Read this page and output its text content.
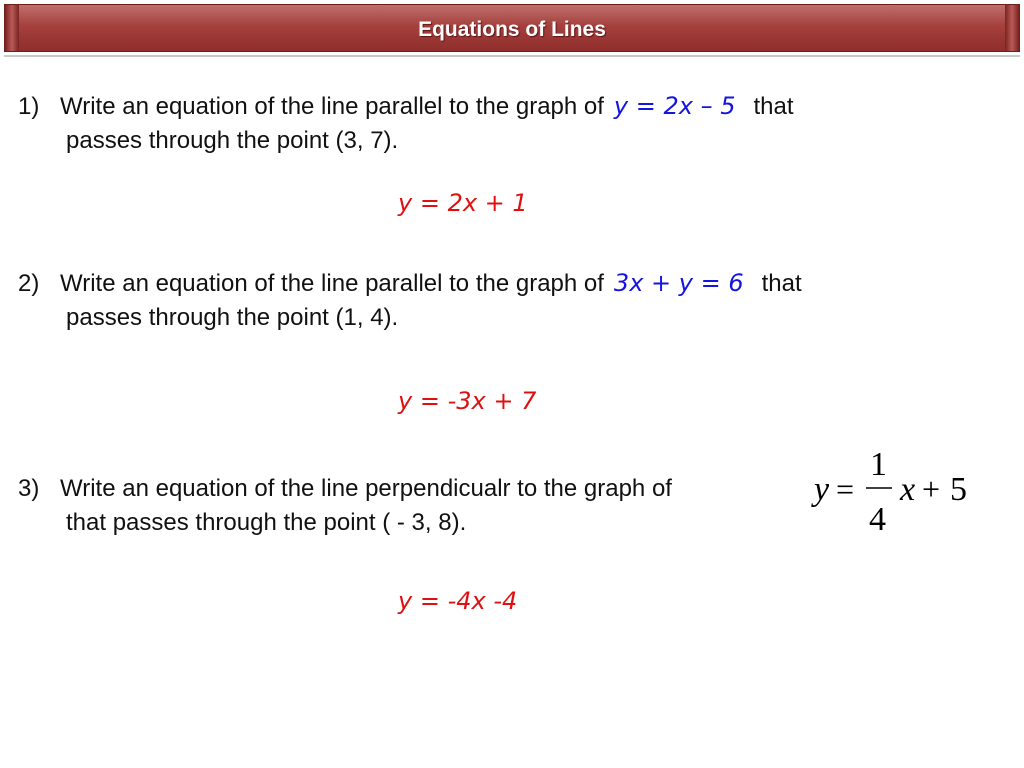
Equations of Lines
1) Write an equation of the line parallel to the graph of y = 2x – 5 that
passes through the point (3, 7).
y = 2x + 1
2) Write an equation of the line parallel to the graph of 3x + y = 6 that
passes through the point (1, 4).
y = -3x + 7
3) Write an equation of the line perpendicualr to the graph of
that passes through the point ( - 3, 8).
y =
1
4
x + 5
y = -4x -4
